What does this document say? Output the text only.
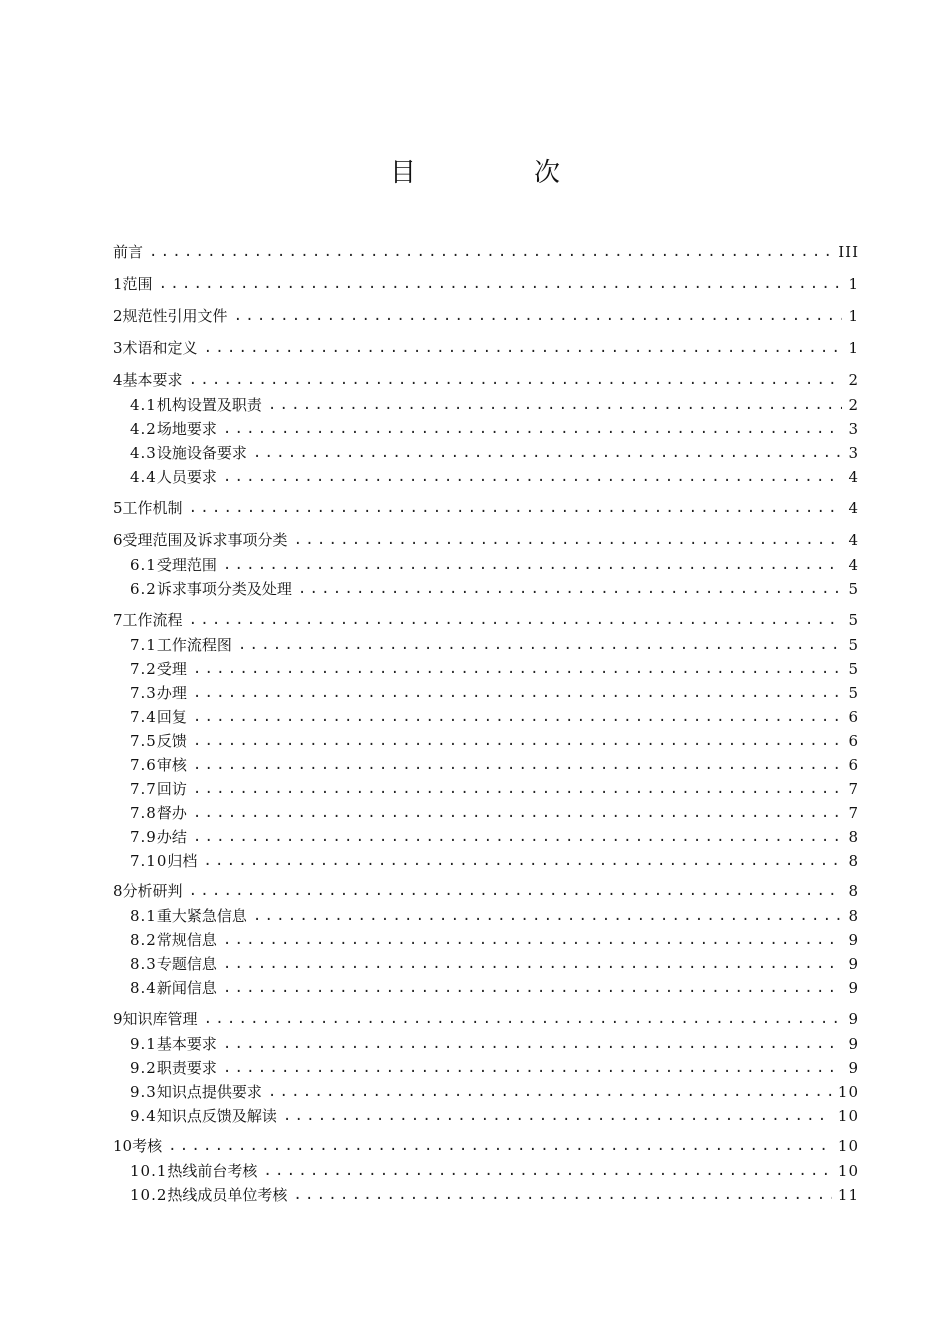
目　次
前言 .....	III
1 范围 .....	1
2 规范性引用文件 .....	1
3 术语和定义 .....	1
4 基本要求 .....	2
4.1 机构设置及职责 .....	2
4.2 场地要求 .....	3
4.3 设施设备要求 .....	3
4.4 人员要求 .....	4
5 工作机制 .....	4
6 受理范围及诉求事项分类 .....	4
6.1 受理范围 .....	4
6.2 诉求事项分类及处理 .....	5
7 工作流程 .....	5
7.1 工作流程图 .....	5
7.2 受理 .....	5
7.3 办理 .....	5
7.4 回复 .....	6
7.5 反馈 .....	6
7.6 审核 .....	6
7.7 回访 .....	7
7.8 督办 .....	7
7.9 办结 .....	8
7.10 归档 .....	8
8 分析研判 .....	8
8.1 重大紧急信息 .....	8
8.2 常规信息 .....	9
8.3 专题信息 .....	9
8.4 新闻信息 .....	9
9 知识库管理 .....	9
9.1 基本要求 .....	9
9.2 职责要求 .....	9
9.3 知识点提供要求 .....	10
9.4 知识点反馈及解读 .....	10
10 考核 .....	10
10.1 热线前台考核 .....	10
10.2 热线成员单位考核 .....	11
